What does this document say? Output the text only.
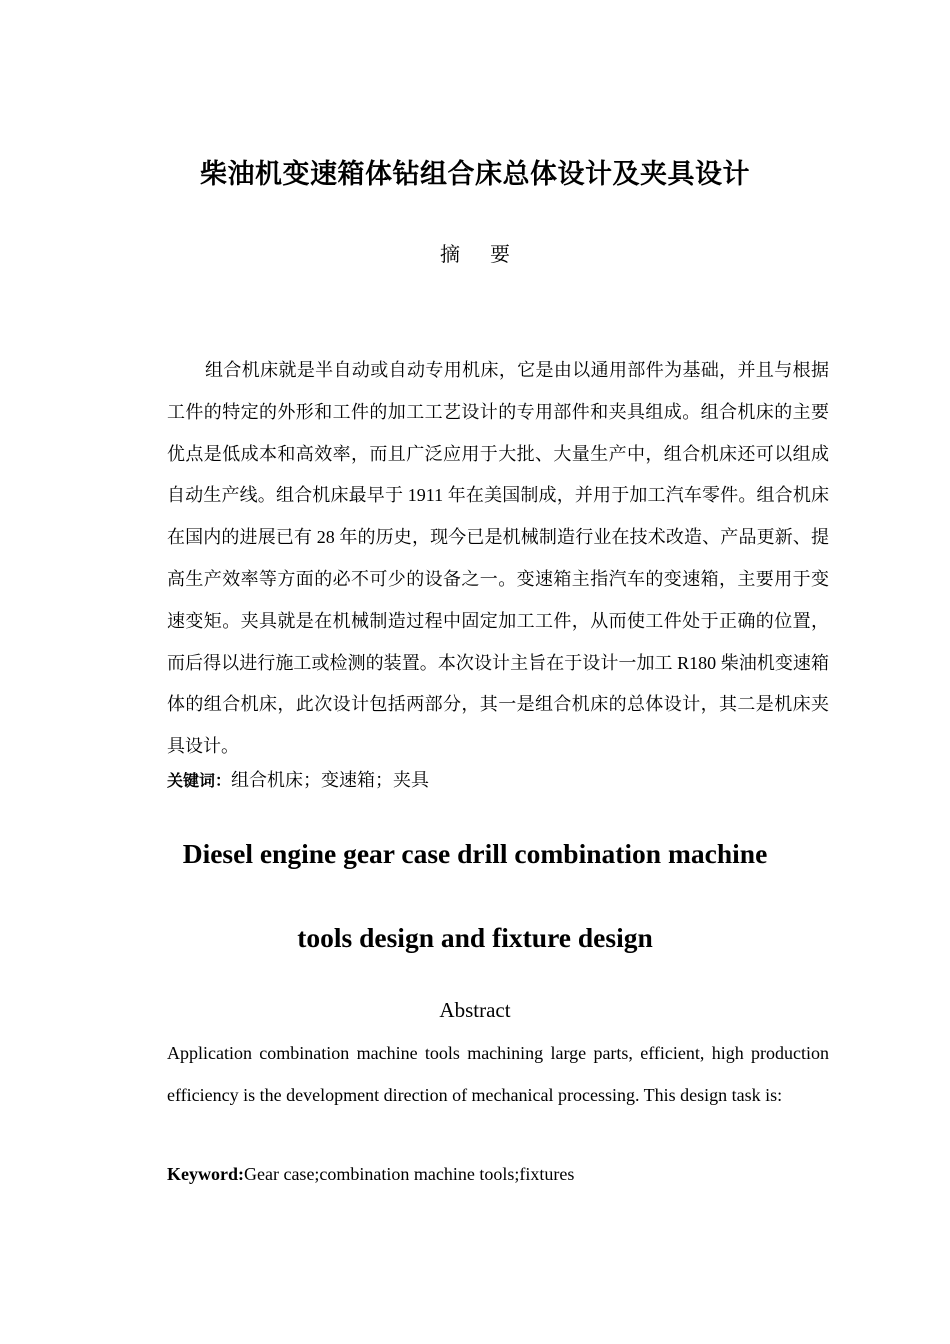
柴油机变速箱体钻组合床总体设计及夹具设计
摘要
组合机床就是半自动或自动专用机床，它是由以通用部件为基础，并且与根据工件的特定的外形和工件的加工工艺设计的专用部件和夹具组成。组合机床的主要优点是低成本和高效率，而且广泛应用于大批、大量生产中，组合机床还可以组成自动生产线。组合机床最早于 1911 年在美国制成，并用于加工汽车零件。组合机床在国内的进展已有 28 年的历史，现今已是机械制造行业在技术改造、产品更新、提高生产效率等方面的必不可少的设备之一。变速箱主指汽车的变速箱，主要用于变速变矩。夹具就是在机械制造过程中固定加工工件，从而使工件处于正确的位置，而后得以进行施工或检测的装置。本次设计主旨在于设计一加工 R180 柴油机变速箱体的组合机床，此次设计包括两部分，其一是组合机床的总体设计，其二是机床夹具设计。
关键词：组合机床；变速箱；夹具
Diesel engine gear case drill combination machine
tools design and fixture design
Abstract
Application combination machine tools machining large parts, efficient, high production efficiency is the development direction of mechanical processing. This design task is:
Keyword:Gear case;combination machine tools;fixtures
